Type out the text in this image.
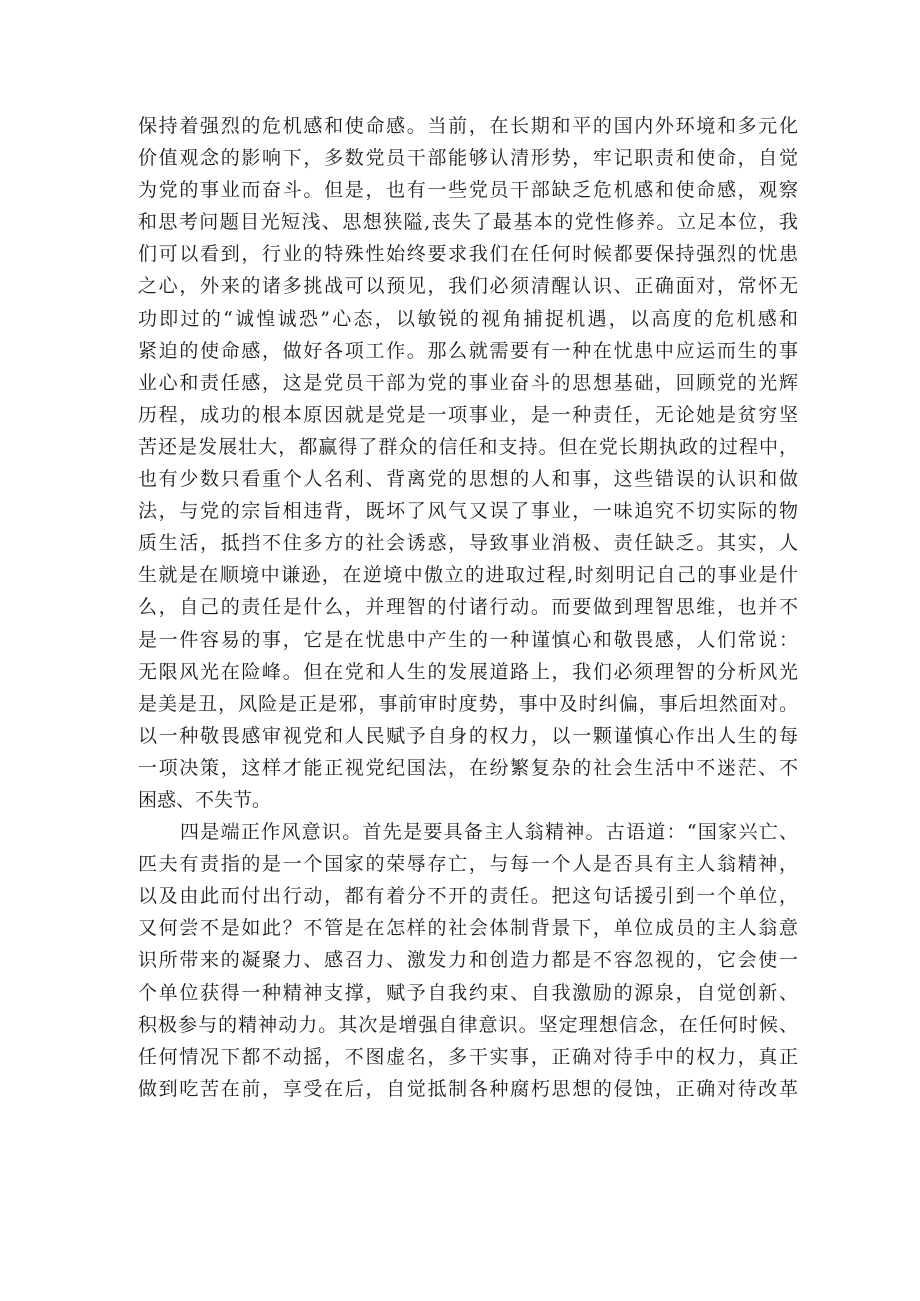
保持着强烈的危机感和使命感。当前，在长期和平的国内外环境和多元化
价值观念的影响下，多数党员干部能够认清形势，牢记职责和使命，自觉
为党的事业而奋斗。但是，也有一些党员干部缺乏危机感和使命感，观察
和思考问题目光短浅、思想狭隘,丧失了最基本的党性修养。立足本位，我
们可以看到，行业的特殊性始终要求我们在任何时候都要保持强烈的忧患
之心，外来的诸多挑战可以预见，我们必须清醒认识、正确面对，常怀无
功即过的“诚惶诚恐”心态，以敏锐的视角捕捉机遇，以高度的危机感和
紧迫的使命感，做好各项工作。那么就需要有一种在忧患中应运而生的事
业心和责任感，这是党员干部为党的事业奋斗的思想基础，回顾党的光辉
历程，成功的根本原因就是党是一项事业，是一种责任，无论她是贫穷坚
苦还是发展壮大，都赢得了群众的信任和支持。但在党长期执政的过程中，
也有少数只看重个人名利、背离党的思想的人和事，这些错误的认识和做
法，与党的宗旨相违背，既坏了风气又误了事业，一味追究不切实际的物
质生活，抵挡不住多方的社会诱惑，导致事业消极、责任缺乏。其实，人
生就是在顺境中谦逊，在逆境中傲立的进取过程,时刻明记自己的事业是什
么，自己的责任是什么，并理智的付诸行动。而要做到理智思维，也并不
是一件容易的事，它是在忧患中产生的一种谨慎心和敬畏感，人们常说：
无限风光在险峰。但在党和人生的发展道路上，我们必须理智的分析风光
是美是丑，风险是正是邪，事前审时度势，事中及时纠偏，事后坦然面对。
以一种敬畏感审视党和人民赋予自身的权力，以一颗谨慎心作出人生的每
一项决策，这样才能正视党纪国法，在纷繁复杂的社会生活中不迷茫、不
困惑、不失节。
四是端正作风意识。首先是要具备主人翁精神。古语道：“国家兴亡、
匹夫有责指的是一个国家的荣辱存亡，与每一个人是否具有主人翁精神，
以及由此而付出行动，都有着分不开的责任。把这句话援引到一个单位，
又何尝不是如此？不管是在怎样的社会体制背景下，单位成员的主人翁意
识所带来的凝聚力、感召力、激发力和创造力都是不容忽视的，它会使一
个单位获得一种精神支撑，赋予自我约束、自我激励的源泉，自觉创新、
积极参与的精神动力。其次是增强自律意识。坚定理想信念，在任何时候、
任何情况下都不动摇，不图虚名，多干实事，正确对待手中的权力，真正
做到吃苦在前，享受在后，自觉抵制各种腐朽思想的侵蚀，正确对待改革
